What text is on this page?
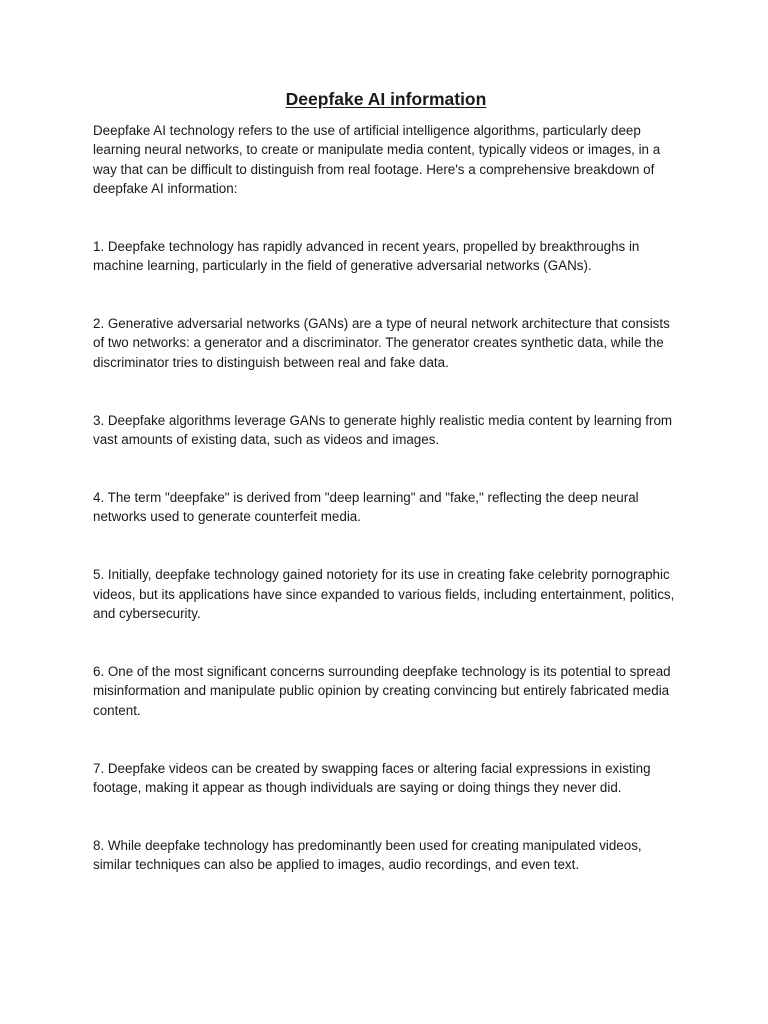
Deepfake AI information

Deepfake AI technology refers to the use of artificial intelligence algorithms, particularly deep learning neural networks, to create or manipulate media content, typically videos or images, in a way that can be difficult to distinguish from real footage. Here's a comprehensive breakdown of deepfake AI information:

1. Deepfake technology has rapidly advanced in recent years, propelled by breakthroughs in machine learning, particularly in the field of generative adversarial networks (GANs).

2. Generative adversarial networks (GANs) are a type of neural network architecture that consists of two networks: a generator and a discriminator. The generator creates synthetic data, while the discriminator tries to distinguish between real and fake data.

3. Deepfake algorithms leverage GANs to generate highly realistic media content by learning from vast amounts of existing data, such as videos and images.

4. The term "deepfake" is derived from "deep learning" and "fake," reflecting the deep neural networks used to generate counterfeit media.

5. Initially, deepfake technology gained notoriety for its use in creating fake celebrity pornographic videos, but its applications have since expanded to various fields, including entertainment, politics, and cybersecurity.

6. One of the most significant concerns surrounding deepfake technology is its potential to spread misinformation and manipulate public opinion by creating convincing but entirely fabricated media content.

7. Deepfake videos can be created by swapping faces or altering facial expressions in existing footage, making it appear as though individuals are saying or doing things they never did.

8. While deepfake technology has predominantly been used for creating manipulated videos, similar techniques can also be applied to images, audio recordings, and even text.
